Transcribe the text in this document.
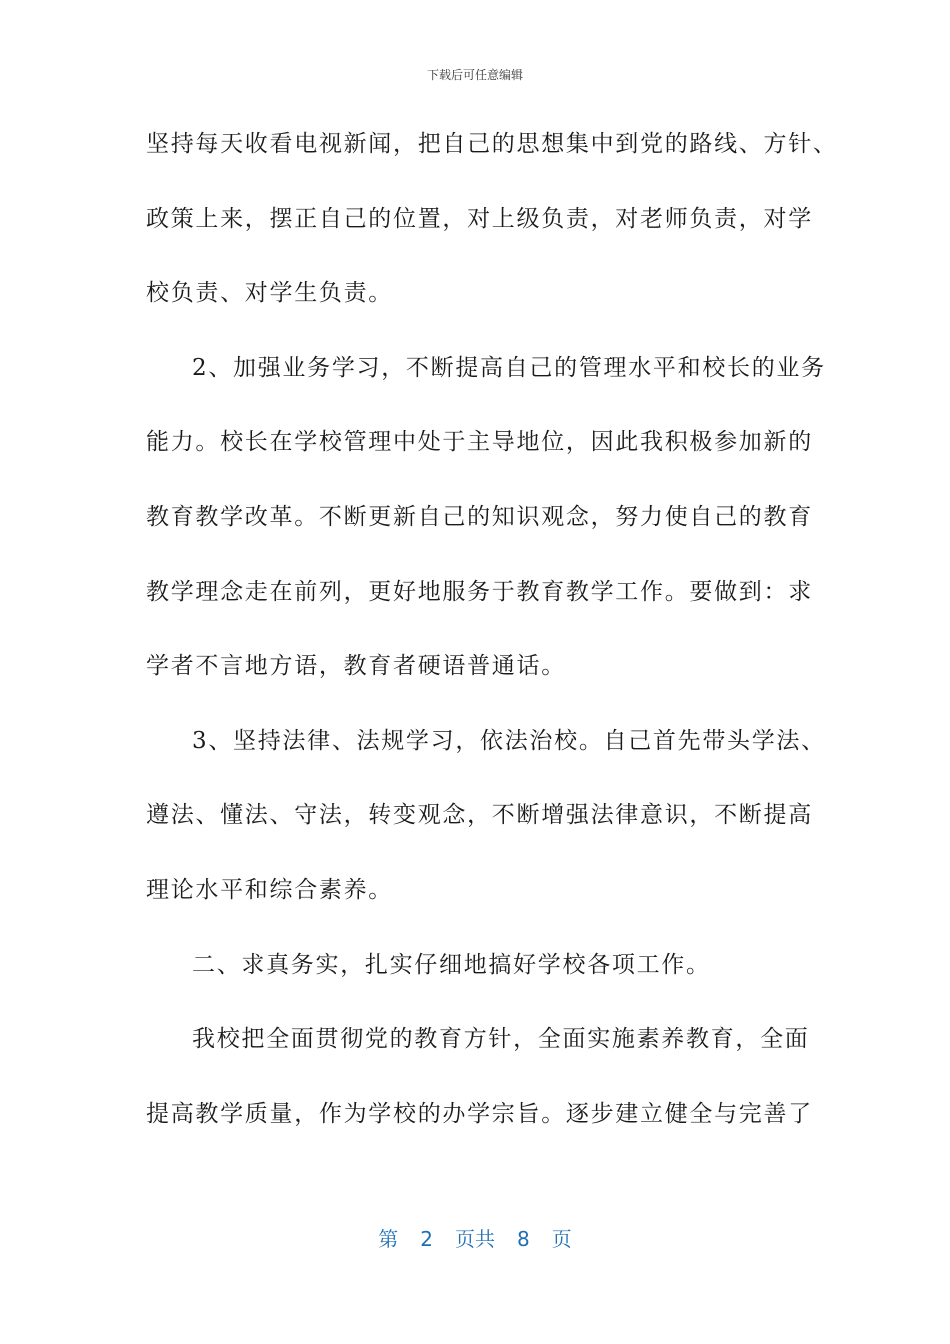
下载后可任意编辑
坚持每天收看电视新闻，把自己的思想集中到党的路线、方针、
政策上来，摆正自己的位置，对上级负责，对老师负责，对学
校负责、对学生负责。
2、加强业务学习，不断提高自己的管理水平和校长的业务
能力。校长在学校管理中处于主导地位，因此我积极参加新的
教育教学改革。不断更新自己的知识观念，努力使自己的教育
教学理念走在前列，更好地服务于教育教学工作。要做到：求
学者不言地方语，教育者硬语普通话。
3、坚持法律、法规学习，依法治校。自己首先带头学法、
遵法、懂法、守法，转变观念，不断增强法律意识，不断提高
理论水平和综合素养。
二、求真务实，扎实仔细地搞好学校各项工作。
我校把全面贯彻党的教育方针，全面实施素养教育，全面
提高教学质量，作为学校的办学宗旨。逐步建立健全与完善了
第 2 页共 8 页
